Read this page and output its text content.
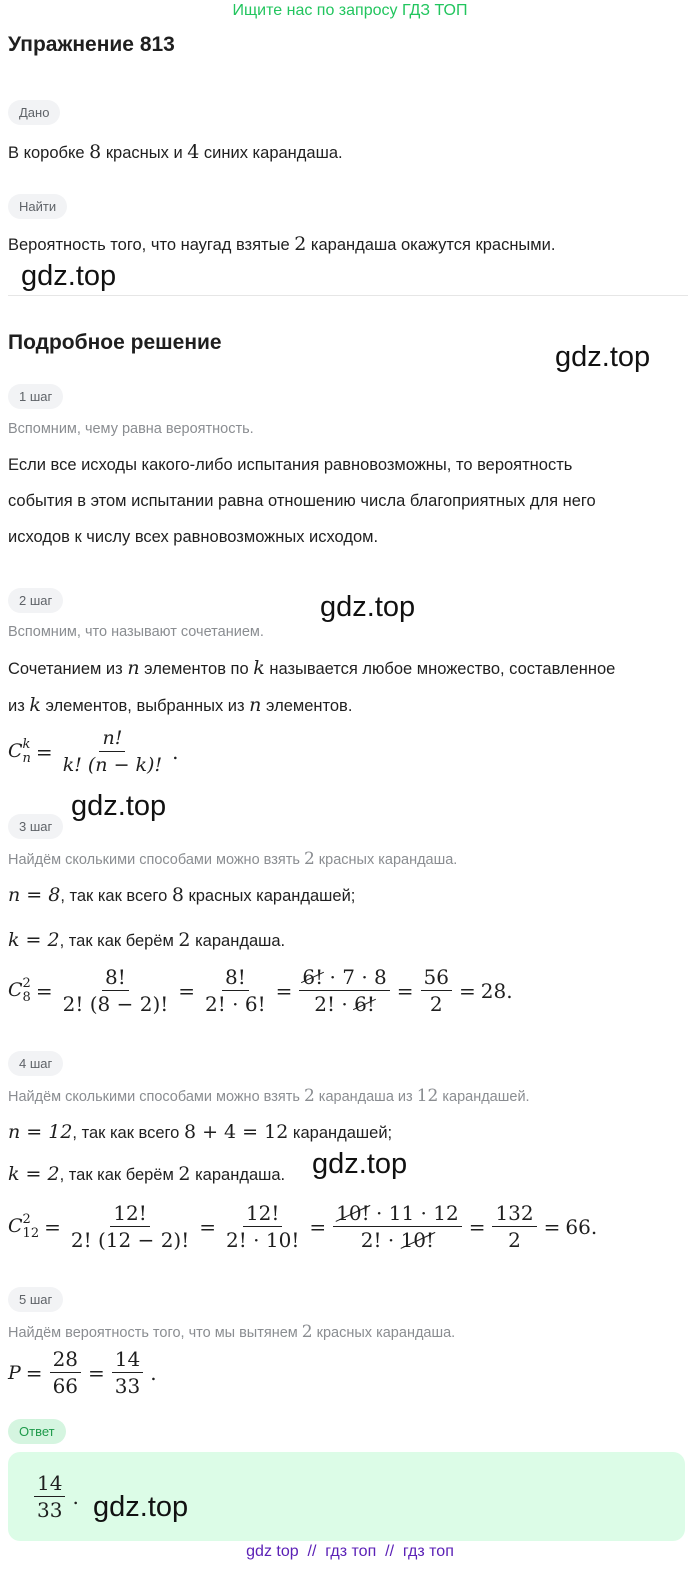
Ищите нас по запросу ГДЗ ТОП
Упражнение 813
Дано
В коробке 8 красных и 4 синих карандаша.
Найти
Вероятность того, что наугад взятые 2 карандаша окажутся красными.
gdz.top
Подробное решение	gdz.top
1 шаг
Вспомним, чему равна вероятность.
Если все исходы какого-либо испытания равновозможны, то вероятность
события в этом испытании равна отношению числа благоприятных для него
исходов к числу всех равновозможных исходом.
2 шаг	gdz.top
Вспомним, что называют сочетанием.
Сочетанием из n элементов по k называется любое множество, составленное
из k элементов, выбранных из n элементов.
C k
$n = \frac{n!}{k! (n - k)!}$ .
gdz.top
3 шаг
Найдём сколькими способами можно взять 2 красных карандаша.
n = 8, так как всего 8 красных карандашей;
k = 2, так как берём 2 карандаша.
C 2
$8 = \frac{8!}{2! (8 - 2)!} = \frac{8!}{2! \cdot 6!} = \frac{6! \cdot 7 \cdot 8}{2! \cdot 6!} = \frac{56}{2} = 28$.
4 шаг
Найдём сколькими способами можно взять 2 карандаша из 12 карандашей.
n = 12, так как всего 8 + 4 = 12 карандашей;
k = 2, так как берём 2 карандаша. gdz.top
C 2
$12 = \frac{12!}{2! (12 - 2)!} = \frac{12!}{2! \cdot 10!} = \frac{10! \cdot 11 \cdot 12}{2! \cdot 10!} = \frac{132}{2} = 66$.
5 шаг
Найдём вероятность того, что мы вытянем 2 красных карандаша.
$P = \frac{28}{66} = \frac{14}{33}$ .
Ответ
$\frac{14}{33}$ . gdz.top
gdz top  //  гдз топ  //  гдз топ
